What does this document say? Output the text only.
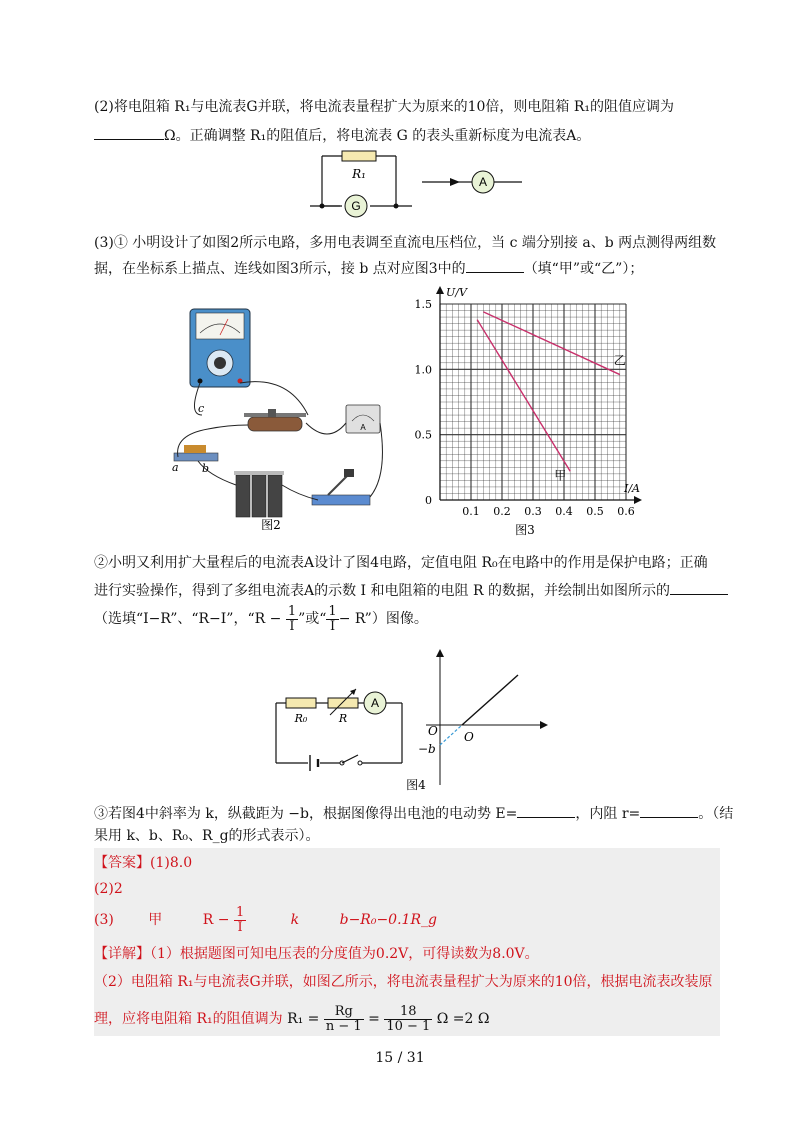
(2)将电阻箱 R₁与电流表G并联，将电流表量程扩大为原来的10倍，则电阻箱 R₁的阻值应调为
Ω。正确调整 R₁的阻值后，将电流表 G 的表头重新标度为电流表A。
G
R₁
A
(3)① 小明设计了如图2所示电路，多用电表调至直流电压档位，当 c 端分别接 a、b 两点测得两组数
据，在坐标系上描点、连线如图3所示，接 b 点对应图3中的	（填“甲”或“乙”）；
A
c
a b
图2
0.1 0.2 0.3 0.4 0.5 0.6
0
0.5
1.0
1.5
I/A
U/V
甲
乙
图3
②小明又利用扩大量程后的电流表A设计了图4电路，定值电阻 R₀在电路中的作用是保护电路；正确
进行实验操作，得到了多组电流表A的示数 I 和电阻箱的电阻 R 的数据，并绘制出如图所示的
（选填“I−R”、“R−I”，“$R - \frac{1}{I}$ ”或“ $\frac{1}{I}$ − R”）图像。
A
R₀	R
O O
−b
图4
③若图4中斜率为 k，纵截距为 −b，根据图像得出电池的电动势 E=	，内阻 r=	。（结
果用 k、b、R₀、R_g的形式表示）。
【答案】(1)8.0
(2)2
(3) 甲	$R - \frac{1}{I}$	k	b−R₀−0.1R_g
【详解】（1）根据题图可知电压表的分度值为0.2V，可得读数为8.0V。
（2）电阻箱 R₁与电流表G并联，如图乙所示，将电流表量程扩大为原来的10倍，根据电流表改装原
理，应将电阻箱 R₁的阻值调为 $R_1 = \frac{Rg}{n - 1} = \frac{18}{10 - 1}$ Ω =2 Ω
15 / 31
